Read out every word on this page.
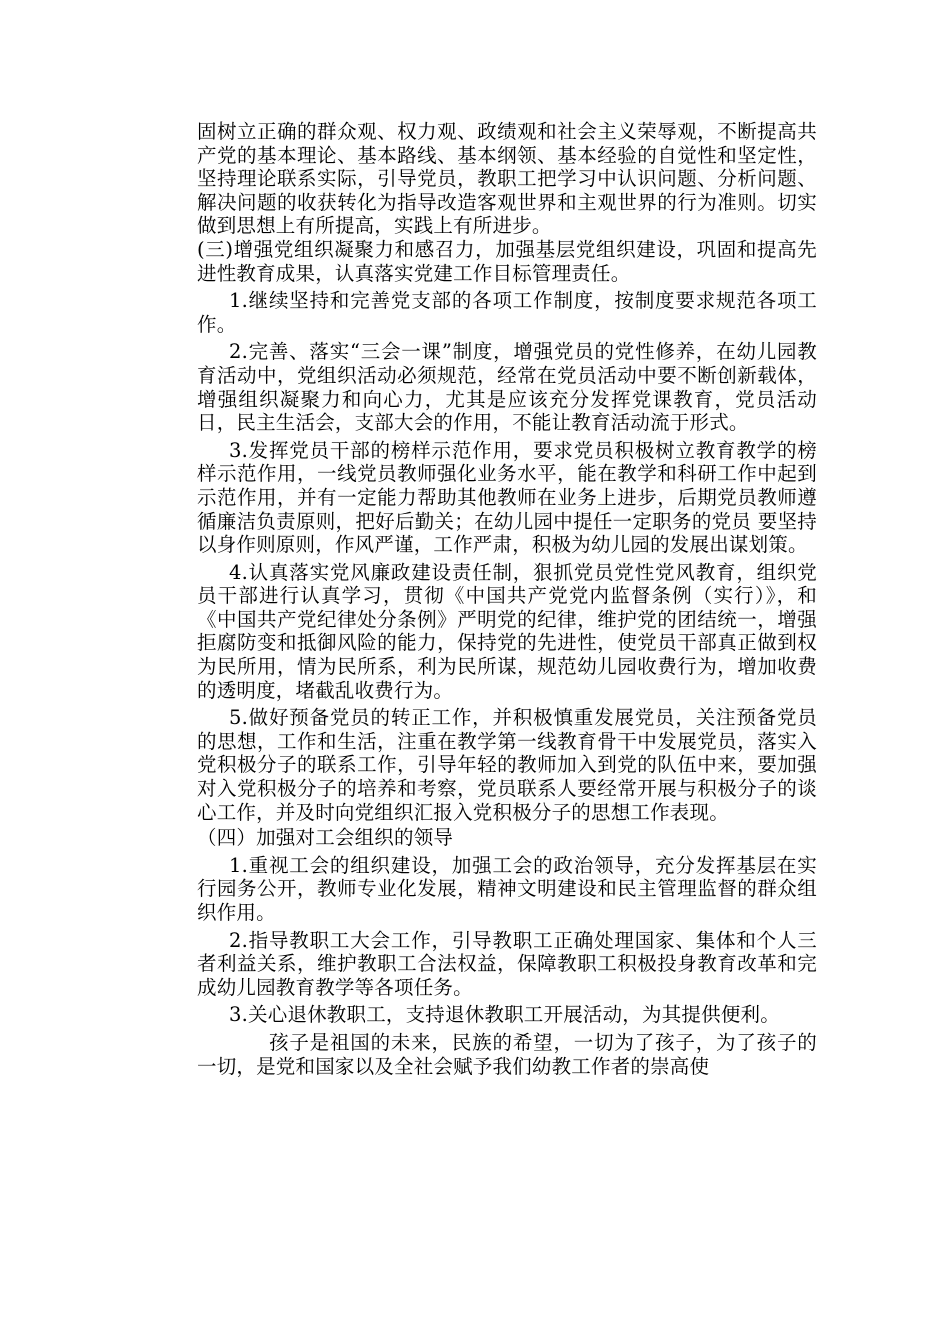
固树立正确的群众观、权力观、政绩观和社会主义荣辱观，不断提高共产党的基本理论、基本路线、基本纲领、基本经验的自觉性和坚定性，坚持理论联系实际，引导党员，教职工把学习中认识问题、分析问题、解决问题的收获转化为指导改造客观世界和主观世界的行为准则。切实做到思想上有所提高，实践上有所进步。

(三)增强党组织凝聚力和感召力，加强基层党组织建设，巩固和提高先进性教育成果，认真落实党建工作目标管理责任。

1.继续坚持和完善党支部的各项工作制度，按制度要求规范各项工作。

2.完善、落实“三会一课”制度，增强党员的党性修养，在幼儿园教育活动中，党组织活动必须规范，经常在党员活动中要不断创新载体，增强组织凝聚力和向心力，尤其是应该充分发挥党课教育，党员活动日，民主生活会，支部大会的作用，不能让教育活动流于形式。

3.发挥党员干部的榜样示范作用，要求党员积极树立教育教学的榜样示范作用，一线党员教师强化业务水平，能在教学和科研工作中起到示范作用，并有一定能力帮助其他教师在业务上进步，后期党员教师遵循廉洁负责原则，把好后勤关；在幼儿园中提任一定职务的党员 要坚持以身作则原则，作风严谨，工作严肃，积极为幼儿园的发展出谋划策。

4.认真落实党风廉政建设责任制，狠抓党员党性党风教育，组织党员干部进行认真学习，贯彻《中国共产党党内监督条例（实行）》，和《中国共产党纪律处分条例》严明党的纪律，维护党的团结统一，增强拒腐防变和抵御风险的能力，保持党的先进性，使党员干部真正做到权为民所用，情为民所系，利为民所谋，规范幼儿园收费行为，增加收费的透明度，堵截乱收费行为。

5.做好预备党员的转正工作，并积极慎重发展党员，关注预备党员的思想，工作和生活，注重在教学第一线教育骨干中发展党员，落实入党积极分子的联系工作，引导年轻的教师加入到党的队伍中来，要加强对入党积极分子的培养和考察，党员联系人要经常开展与积极分子的谈心工作，并及时向党组织汇报入党积极分子的思想工作表现。

（四）加强对工会组织的领导

1.重视工会的组织建设，加强工会的政治领导，充分发挥基层在实行园务公开，教师专业化发展，精神文明建设和民主管理监督的群众组织作用。

2.指导教职工大会工作，引导教职工正确处理国家、集体和个人三者利益关系，维护教职工合法权益，保障教职工积极投身教育改革和完成幼儿园教育教学等各项任务。

3.关心退休教职工，支持退休教职工开展活动，为其提供便利。

孩子是祖国的未来，民族的希望，一切为了孩子，为了孩子的一切，是党和国家以及全社会赋予我们幼教工作者的崇高使
